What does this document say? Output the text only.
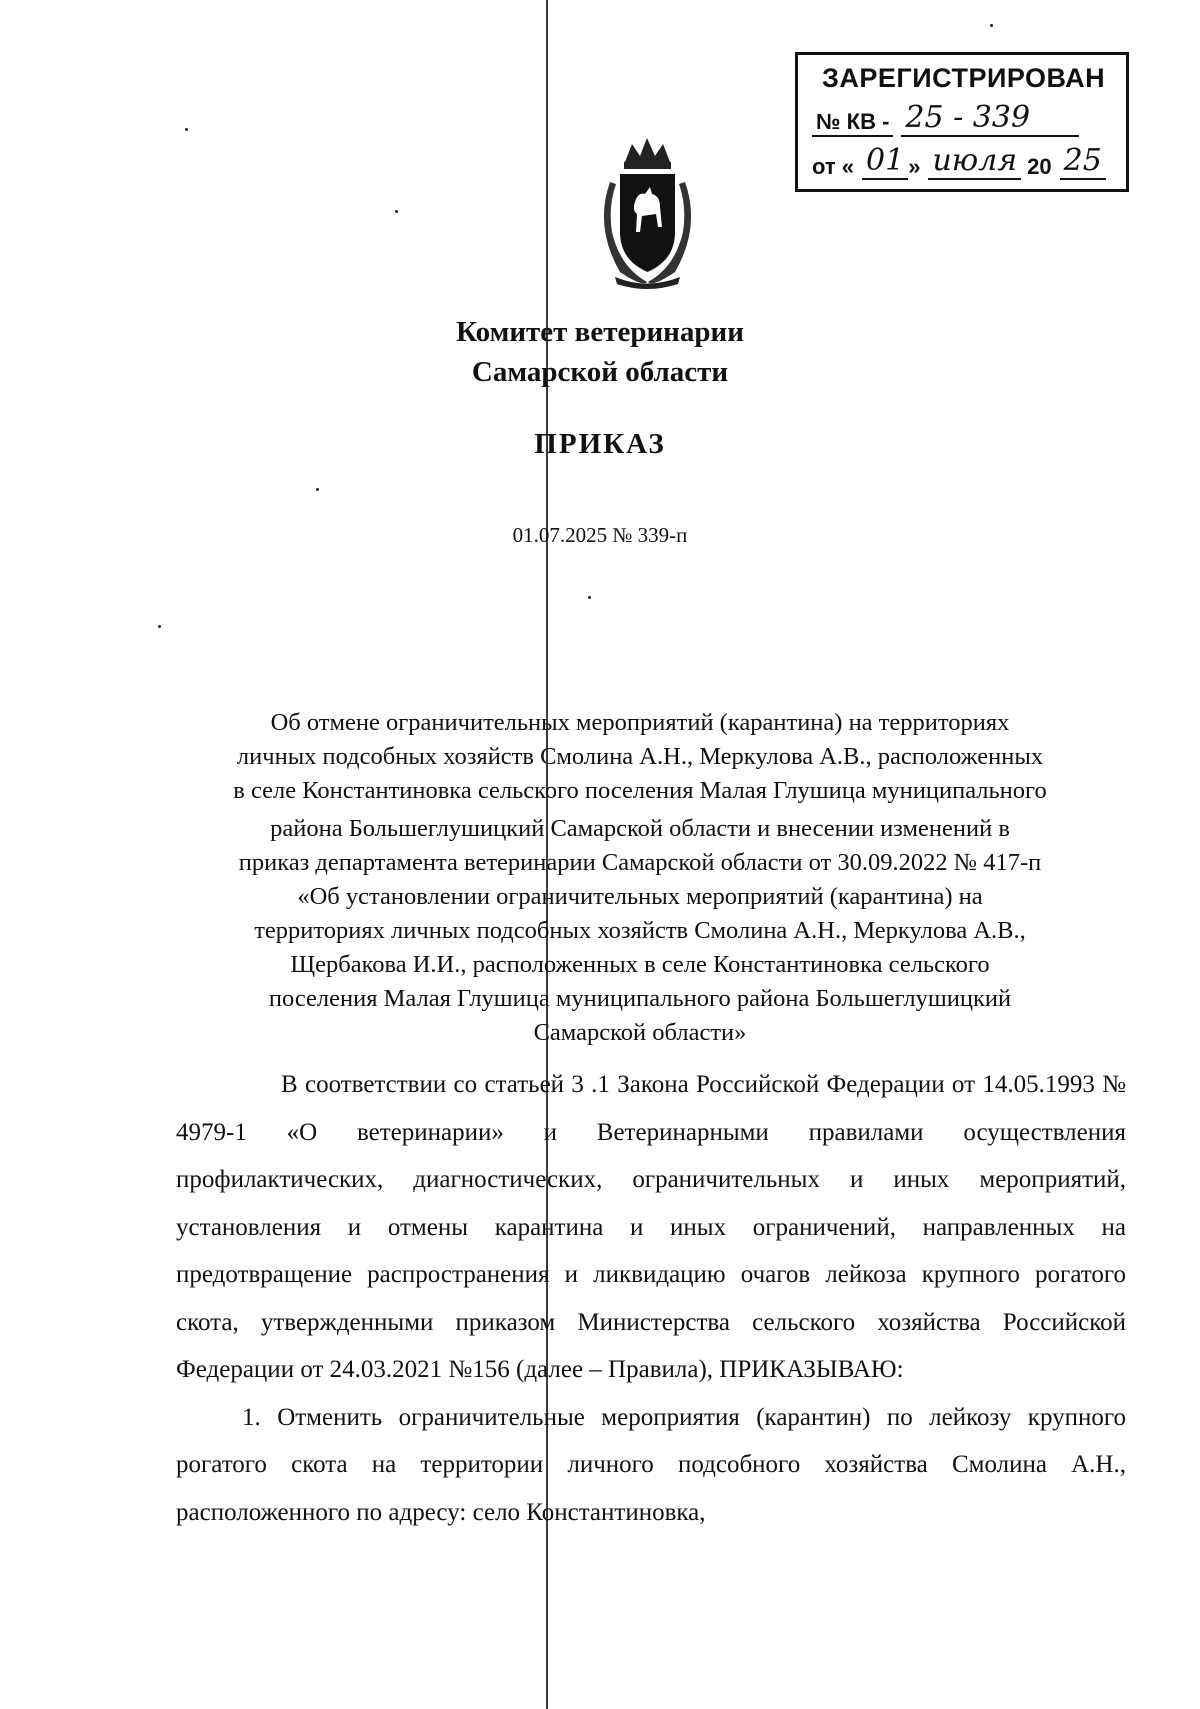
ЗАРЕГИСТРИРОВАН
№ КВ - 25 - 339
от « 01 » июля 20 25
Комитет ветеринарии
Самарской области
ПРИКАЗ
01.07.2025 № 339-п
Об отмене ограничительных мероприятий (карантина) на территориях
личных подсобных хозяйств Смолина А.Н., Меркулова А.В., расположенных
в селе Константиновка сельского поселения Малая Глушица муниципального
района Большеглушицкий Самарской области и внесении изменений в
приказ департамента ветеринарии Самарской области от 30.09.2022 № 417-п
«Об установлении ограничительных мероприятий (карантина) на
территориях личных подсобных хозяйств Смолина А.Н., Меркулова А.В.,
Щербакова И.И., расположенных в селе Константиновка сельского
поселения Малая Глушица муниципального района Большеглушицкий
Самарской области»

В соответствии со статьей 3 .1 Закона Российской Федерации от 14.05.1993 № 4979-1 «О ветеринарии» и Ветеринарными правилами осуществления профилактических, диагностических, ограничительных и иных мероприятий, установления и отмены карантина и иных ограничений, направленных на предотвращение распространения и ликвидацию очагов лейкоза крупного рогатого скота, утвержденными приказом Министерства сельского хозяйства Российской Федерации от 24.03.2021 №156 (далее – Правила), ПРИКАЗЫВАЮ:

1. Отменить ограничительные мероприятия (карантин) по лейкозу крупного рогатого скота на территории личного подсобного хозяйства Смолина А.Н., расположенного по адресу: село Константиновка,
